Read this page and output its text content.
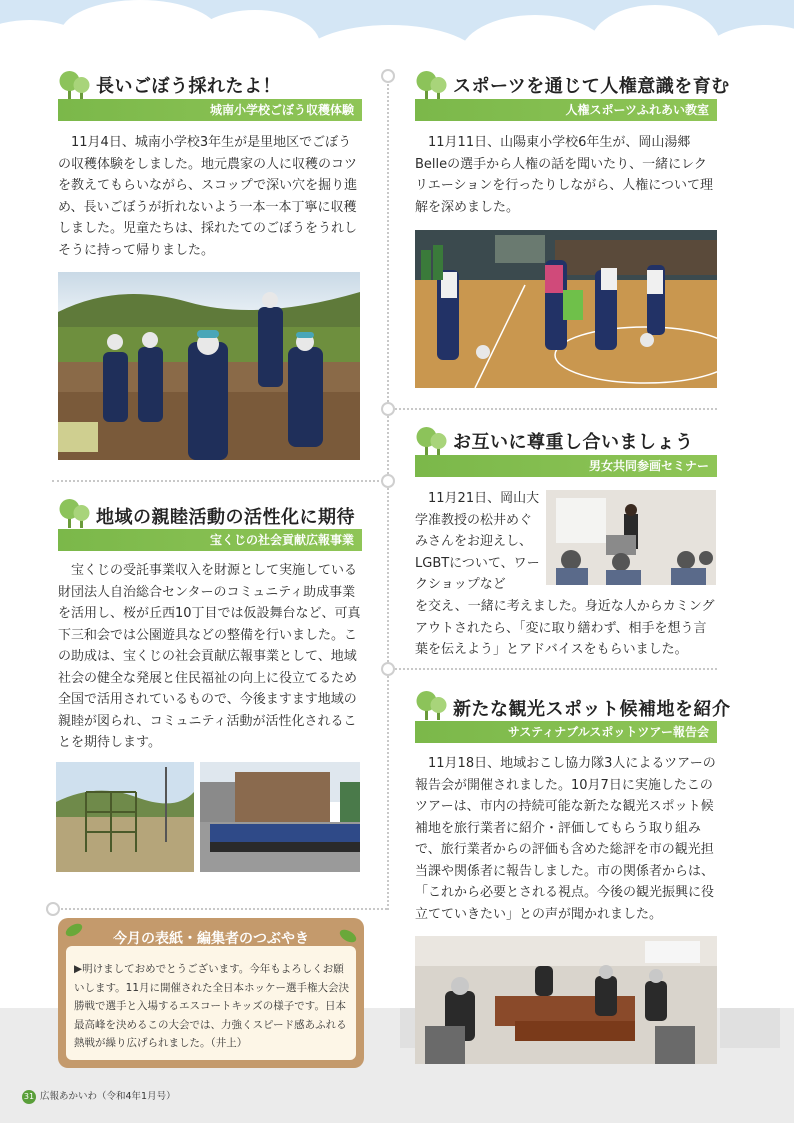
長いごぼう採れたよ！
城南小学校ごぼう収穫体験
　11月4日、城南小学校3年生が是里地区でごぼうの収穫体験をしました。地元農家の人に収穫のコツを教えてもらいながら、スコップで深い穴を掘り進め、長いごぼうが折れないよう一本一本丁寧に収穫しました。児童たちは、採れたてのごぼうをうれしそうに持って帰りました。
スポーツを通じて人権意識を育む
人権スポーツふれあい教室
　11月11日、山陽東小学校6年生が、岡山湯郷Belleの選手から人権の話を聞いたり、一緒にレクリエーションを行ったりしながら、人権について理解を深めました。
地域の親睦活動の活性化に期待
宝くじの社会貢献広報事業
　宝くじの受託事業収入を財源として実施している財団法人自治総合センターのコミュニティ助成事業を活用し、桜が丘西10丁目では仮設舞台など、可真下三和会では公園遊具などの整備を行いました。この助成は、宝くじの社会貢献広報事業として、地域社会の健全な発展と住民福祉の向上に役立てるため全国で活用されているもので、今後ますます地域の親睦が図られ、コミュニティ活動が活性化されることを期待します。
お互いに尊重し合いましょう
男女共同参画セミナー
　11月21日、岡山大学准教授の松井めぐみさんをお迎えし、LGBTについて、ワークショップなど
を交え、一緒に考えました。身近な人からカミングアウトされたら、「変に取り繕わず、相手を想う言葉を伝えよう」とアドバイスをもらいました。
新たな観光スポット候補地を紹介
サスティナブルスポットツアー報告会
　11月18日、地域おこし協力隊3人によるツアーの報告会が開催されました。10月7日に実施したこのツアーは、市内の持続可能な新たな観光スポット候補地を旅行業者に紹介・評価してもらう取り組みで、旅行業者からの評価も含めた総評を市の観光担当課や関係者に報告しました。市の関係者からは、「これから必要とされる視点。今後の観光振興に役立てていきたい」との声が聞かれました。
今月の表紙・編集者のつぶやき
▶明けましておめでとうございます。今年もよろしくお願いします。11月に開催された全日本ホッケー選手権大会決勝戦で選手と入場するエスコートキッズの様子です。日本最高峰を決めるこの大会では、力強くスピード感あふれる熱戦が繰り広げられました。（井上）
31 広報あかいわ（令和4年1月号）
